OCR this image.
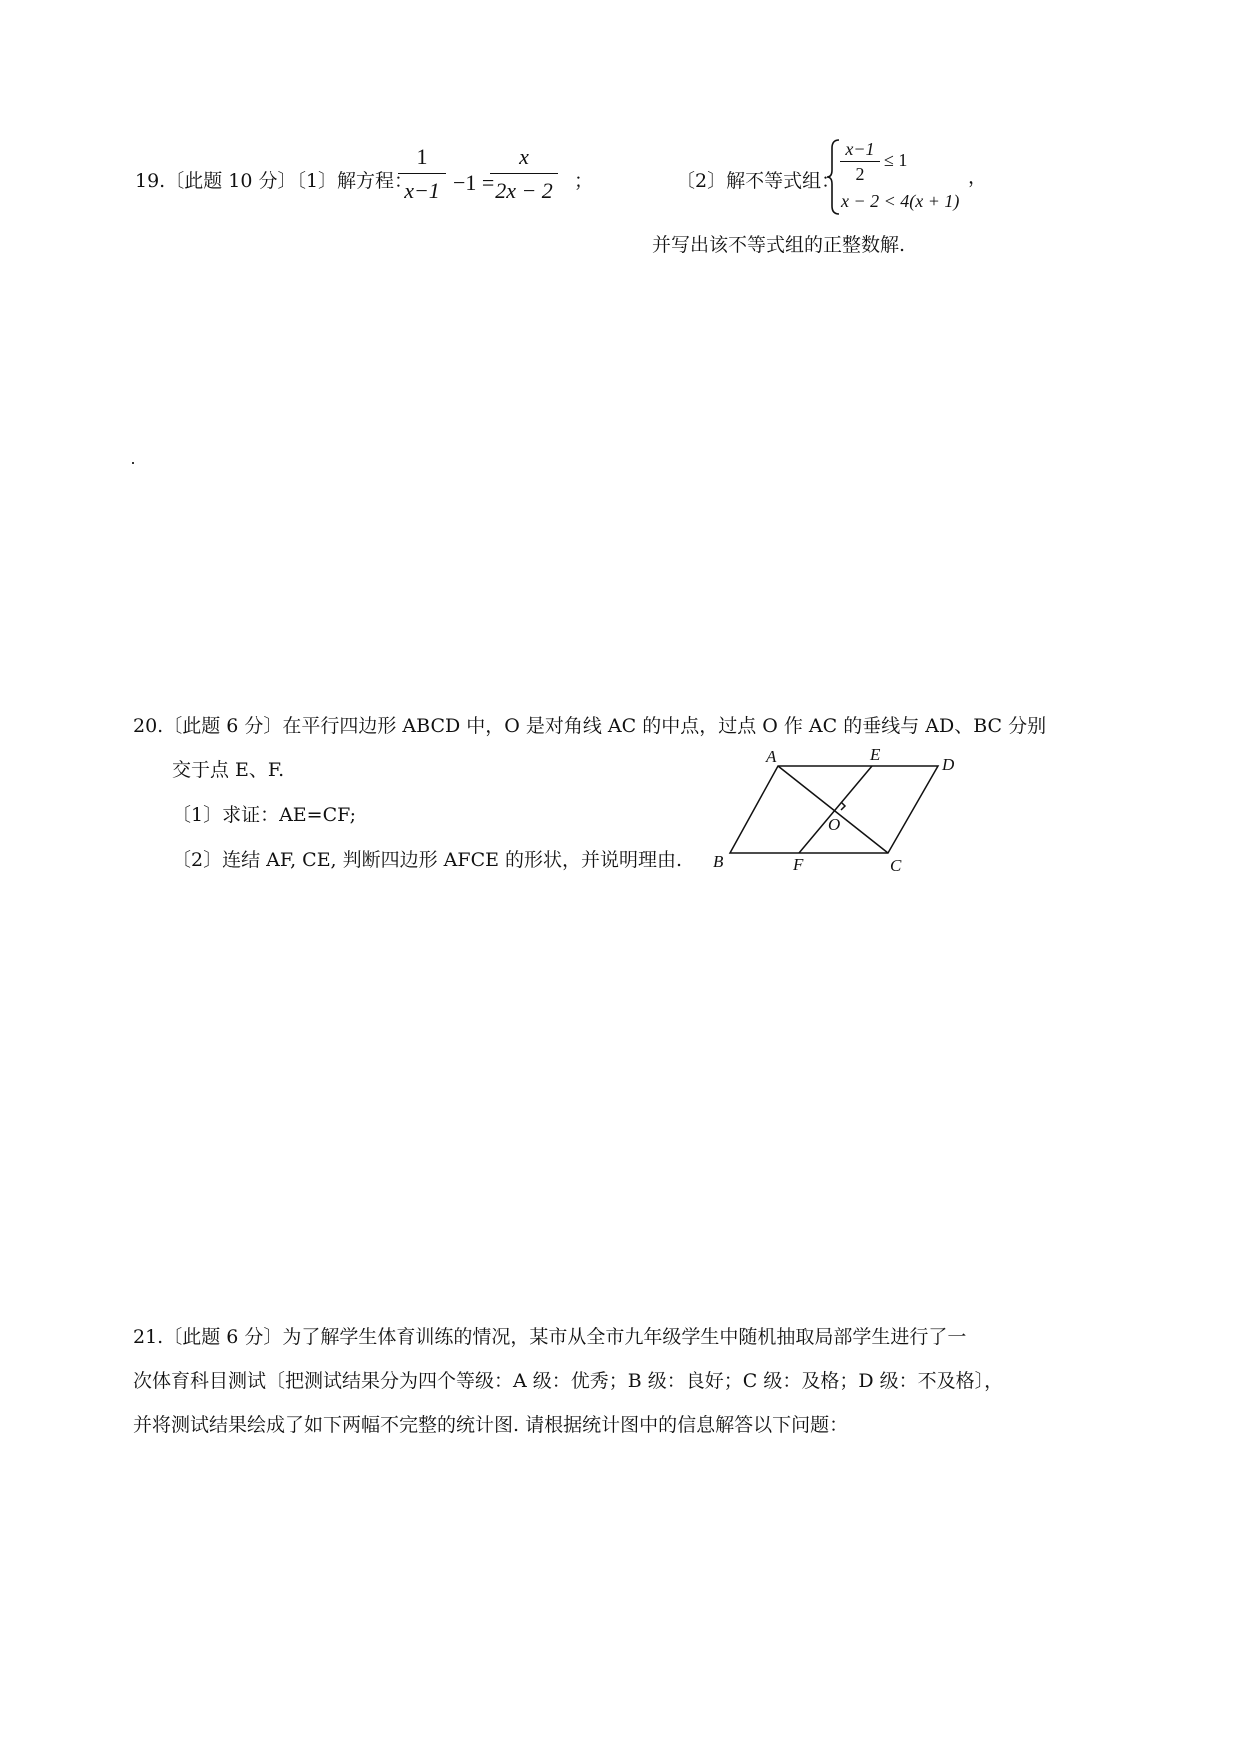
19.〔此题 10 分〕〔1〕解方程：
1
x−1 −1 =
x
2x − 2 ；	〔2〕解不等式组：
x−1
2
≤ 1
x − 2 < 4(x + 1)
，
并写出该不等式组的正整数解.
20.〔此题 6 分〕在平行四边形 ABCD 中，O 是对角线 AC 的中点，过点 O 作 AC 的垂线与 AD、BC 分别
交于点 E、F.
〔1〕求证：AE=CF;
〔2〕连结 AF, CE, 判断四边形 AFCE 的形状，并说明理由.
A	E
D
O
B	F	C
21.〔此题 6 分〕为了解学生体育训练的情况，某市从全市九年级学生中随机抽取局部学生进行了一
次体育科目测试〔把测试结果分为四个等级：A 级：优秀；B 级：良好；C 级：及格；D 级：不及格〕，
并将测试结果绘成了如下两幅不完整的统计图. 请根据统计图中的信息解答以下问题：
